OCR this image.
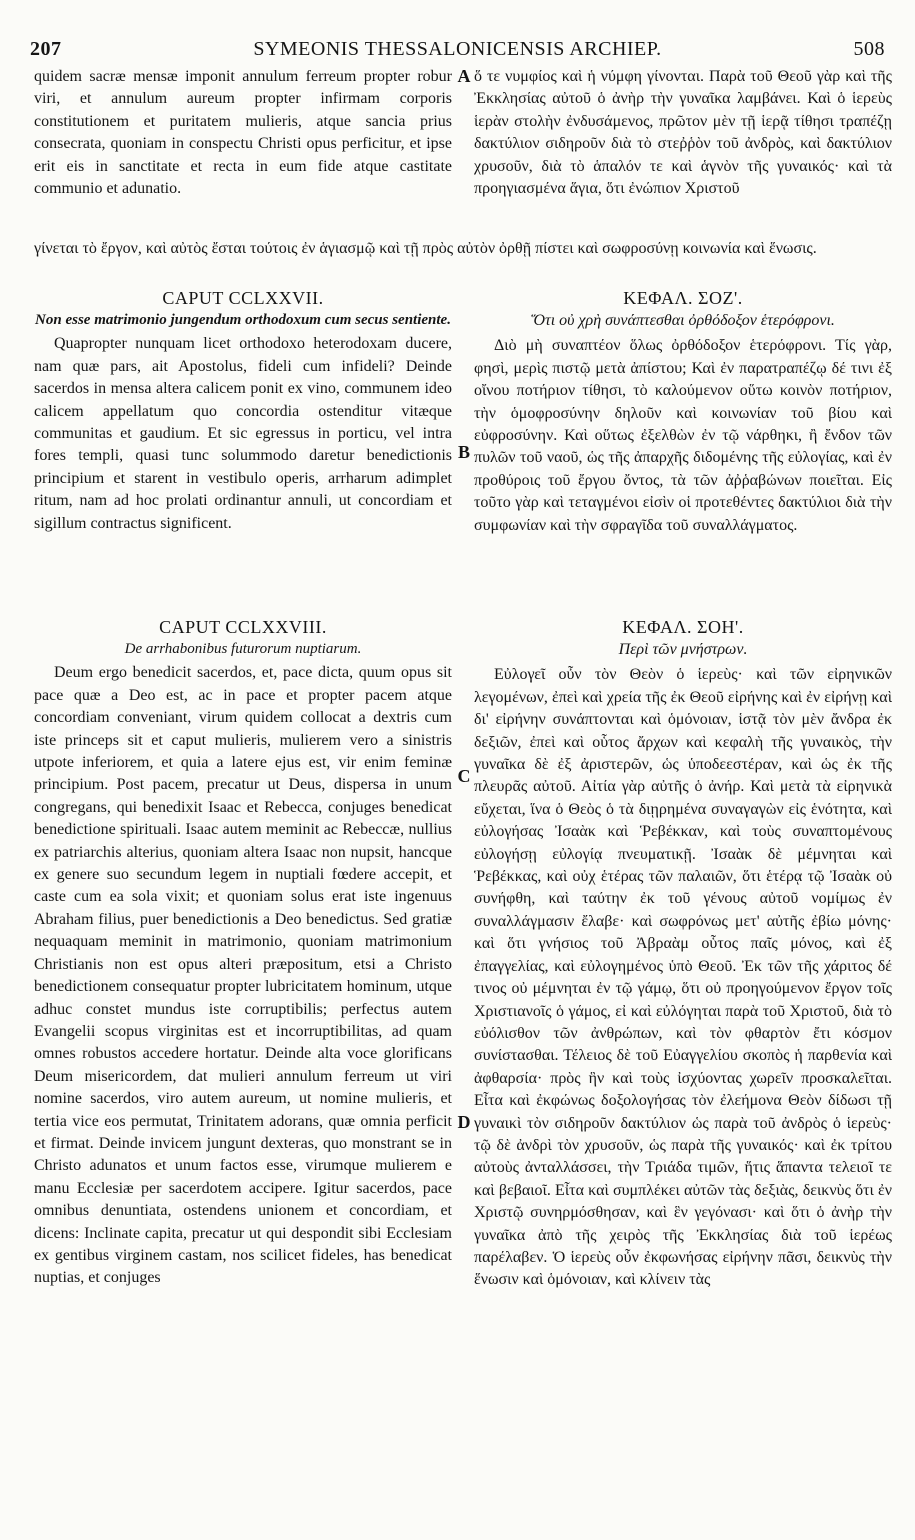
207	SYMEONIS THESSALONICENSIS ARCHIEP.	508

quidem sacræ mensæ imponit annulum ferreum propter robur viri, et annulum aureum propter infirmam corporis constitutionem et puritatem mulieris, atque sancia prius consecrata, quoniam in conspectu Christi opus perficitur, et ipse erit eis in sanctitate et recta in eum fide atque castitate communio et adunatio.

ὅ τε νυμφίος καὶ ἡ νύμφη γίνονται. Παρὰ τοῦ Θεοῦ γὰρ καὶ τῆς Ἐκκλησίας αὐτοῦ ὁ ἀνὴρ τὴν γυναῖκα λαμβάνει. Καὶ ὁ ἱερεὺς ἱερὰν στολὴν ἐνδυσάμενος, πρῶτον μὲν τῇ ἱερᾷ τίθησι τραπέζῃ δακτύλιον σιδηροῦν διὰ τὸ στεῤῥὸν τοῦ ἀνδρὸς, καὶ δακτύλιον χρυσοῦν, διὰ τὸ ἁπαλόν τε καὶ ἁγνὸν τῆς γυναικός· καὶ τὰ προηγιασμένα ἅγια, ὅτι ἐνώπιον Χριστοῦ

γίνεται τὸ ἔργον, καὶ αὐτὸς ἔσται τούτοις ἐν ἁγιασμῷ καὶ τῇ πρὸς αὐτὸν ὀρθῇ πίστει καὶ σωφροσύνῃ κοινωνία καὶ ἕνωσις.
A
B
C
D
CAPUT CCLXXVII.
Non esse matrimonio jungendum orthodoxum cum secus sentiente.
Quapropter nunquam licet orthodoxo heterodoxam ducere, nam quæ pars, ait Apostolus, fideli cum infideli? Deinde sacerdos in mensa altera calicem ponit ex vino, communem ideo calicem appellatum quo concordia ostenditur vitæque communitas et gaudium. Et sic egressus in porticu, vel intra fores templi, quasi tunc solummodo daretur benedictionis principium et starent in vestibulo operis, arrharum adimplet ritum, nam ad hoc prolati ordinantur annuli, ut concordiam et sigillum contractus significent.
ΚΕΦΑΛ. ΣΟΖ'.
Ὅτι οὐ χρὴ συνάπτεσθαι ὀρθόδοξον ἑτερόφρονι.
Διὸ μὴ συναπτέον ὅλως ὀρθόδοξον ἑτερόφρονι. Τίς γὰρ, φησὶ, μερὶς πιστῷ μετὰ ἀπίστου; Καὶ ἐν παρατραπέζῳ δέ τινι ἐξ οἴνου ποτήριον τίθησι, τὸ καλούμενον οὕτω κοινὸν ποτήριον, τὴν ὁμοφροσύνην δηλοῦν καὶ κοινωνίαν τοῦ βίου καὶ εὐφροσύνην. Καὶ οὕτως ἐξελθὼν ἐν τῷ νάρθηκι, ἢ ἔνδον τῶν πυλῶν τοῦ ναοῦ, ὡς τῆς ἀπαρχῆς διδομένης τῆς εὐλογίας, καὶ ἐν προθύροις τοῦ ἔργου ὄντος, τὰ τῶν ἀῤῥαβώνων ποιεῖται. Εἰς τοῦτο γὰρ καὶ τεταγμένοι εἰσὶν οἱ προτεθέντες δακτύλιοι διὰ τὴν συμφωνίαν καὶ τὴν σφραγῖδα τοῦ συναλλάγματος.
CAPUT CCLXXVIII.
De arrhabonibus futurorum nuptiarum.
Deum ergo benedicit sacerdos, et, pace dicta, quum opus sit pace quæ a Deo est, ac in pace et propter pacem atque concordiam conveniant, virum quidem collocat a dextris cum iste princeps sit et caput mulieris, mulierem vero a sinistris utpote inferiorem, et quia a latere ejus est, vir enim feminæ principium. Post pacem, precatur ut Deus, dispersa in unum congregans, qui benedixit Isaac et Rebecca, conjuges benedicat benedictione spirituali. Isaac autem meminit ac Rebeccæ, nullius ex patriarchis alterius, quoniam altera Isaac non nupsit, hancque ex genere suo secundum legem in nuptiali fœdere accepit, et caste cum ea sola vixit; et quoniam solus erat iste ingenuus Abraham filius, puer benedictionis a Deo benedictus. Sed gratiæ nequaquam meminit in matrimonio, quoniam matrimonium Christianis non est opus alteri præpositum, etsi a Christo benedictionem consequatur propter lubricitatem hominum, utque adhuc constet mundus iste corruptibilis; perfectus autem Evangelii scopus virginitas est et incorruptibilitas, ad quam omnes robustos accedere hortatur. Deinde alta voce glorificans Deum misericordem, dat mulieri annulum ferreum ut viri nomine sacerdos, viro autem aureum, ut nomine mulieris, et tertia vice eos permutat, Trinitatem adorans, quæ omnia perficit et firmat. Deinde invicem jungunt dexteras, quo monstrant se in Christo adunatos et unum factos esse, virumque mulierem e manu Ecclesiæ per sacerdotem accipere. Igitur sacerdos, pace omnibus denuntiata, ostendens unionem et concordiam, et dicens: Inclinate capita, precatur ut qui despondit sibi Ecclesiam ex gentibus virginem castam, nos scilicet fideles, has benedicat nuptias, et conjuges
ΚΕΦΑΛ. ΣΟΗ'.
Περὶ τῶν μνήστρων.
Εὐλογεῖ οὖν τὸν Θεὸν ὁ ἱερεὺς· καὶ τῶν εἰρηνικῶν λεγομένων, ἐπεὶ καὶ χρεία τῆς ἐκ Θεοῦ εἰρήνης καὶ ἐν εἰρήνῃ καὶ δι' εἰρήνην συνάπτονται καὶ ὁμόνοιαν, ἱστᾷ τὸν μὲν ἄνδρα ἐκ δεξιῶν, ἐπεὶ καὶ οὗτος ἄρχων καὶ κεφαλὴ τῆς γυναικὸς, τὴν γυναῖκα δὲ ἐξ ἀριστερῶν, ὡς ὑποδεεστέραν, καὶ ὡς ἐκ τῆς πλευρᾶς αὐτοῦ. Αἰτία γὰρ αὐτῆς ὁ ἀνήρ. Καὶ μετὰ τὰ εἰρηνικὰ εὔχεται, ἵνα ὁ Θεὸς ὁ τὰ διῃρημένα συναγαγὼν εἰς ἑνότητα, καὶ εὐλογήσας Ἰσαὰκ καὶ Ῥεβέκκαν, καὶ τοὺς συναπτομένους εὐλογήσῃ εὐλογίᾳ πνευματικῇ. Ἰσαὰκ δὲ μέμνηται καὶ Ῥεβέκκας, καὶ οὐχ ἑτέρας τῶν παλαιῶν, ὅτι ἑτέρᾳ τῷ Ἰσαὰκ οὐ συνήφθη, καὶ ταύτην ἐκ τοῦ γένους αὐτοῦ νομίμως ἐν συναλλάγμασιν ἔλαβε· καὶ σωφρόνως μετ' αὐτῆς ἐβίω μόνης· καὶ ὅτι γνήσιος τοῦ Ἀβραὰμ οὗτος παῖς μόνος, καὶ ἐξ ἐπαγγελίας, καὶ εὐλογημένος ὑπὸ Θεοῦ. Ἐκ τῶν τῆς χάριτος δέ τινος οὐ μέμνηται ἐν τῷ γάμῳ, ὅτι οὐ προηγούμενον ἔργον τοῖς Χριστιανοῖς ὁ γάμος, εἰ καὶ εὐλόγηται παρὰ τοῦ Χριστοῦ, διὰ τὸ εὐόλισθον τῶν ἀνθρώπων, καὶ τὸν φθαρτὸν ἔτι κόσμον συνίστασθαι. Τέλειος δὲ τοῦ Εὐαγγελίου σκοπὸς ἡ παρθενία καὶ ἀφθαρσία· πρὸς ἣν καὶ τοὺς ἰσχύοντας χωρεῖν προσκαλεῖται. Εἶτα καὶ ἐκφώνως δοξολογήσας τὸν ἐλεήμονα Θεὸν δίδωσι τῇ γυναικὶ τὸν σιδηροῦν δακτύλιον ὡς παρὰ τοῦ ἀνδρὸς ὁ ἱερεὺς· τῷ δὲ ἀνδρὶ τὸν χρυσοῦν, ὡς παρὰ τῆς γυναικός· καὶ ἐκ τρίτου αὐτοὺς ἀνταλλάσσει, τὴν Τριάδα τιμῶν, ἥτις ἅπαντα τελειοῖ τε καὶ βεβαιοῖ. Εἶτα καὶ συμπλέκει αὐτῶν τὰς δεξιὰς, δεικνὺς ὅτι ἐν Χριστῷ συνηρμόσθησαν, καὶ ἓν γεγόνασι· καὶ ὅτι ὁ ἀνὴρ τὴν γυναῖκα ἀπὸ τῆς χειρὸς τῆς Ἐκκλησίας διὰ τοῦ ἱερέως παρέλαβεν. Ὁ ἱερεὺς οὖν ἐκφωνήσας εἰρήνην πᾶσι, δεικνὺς τὴν ἕνωσιν καὶ ὁμόνοιαν, καὶ κλίνειν τὰς
